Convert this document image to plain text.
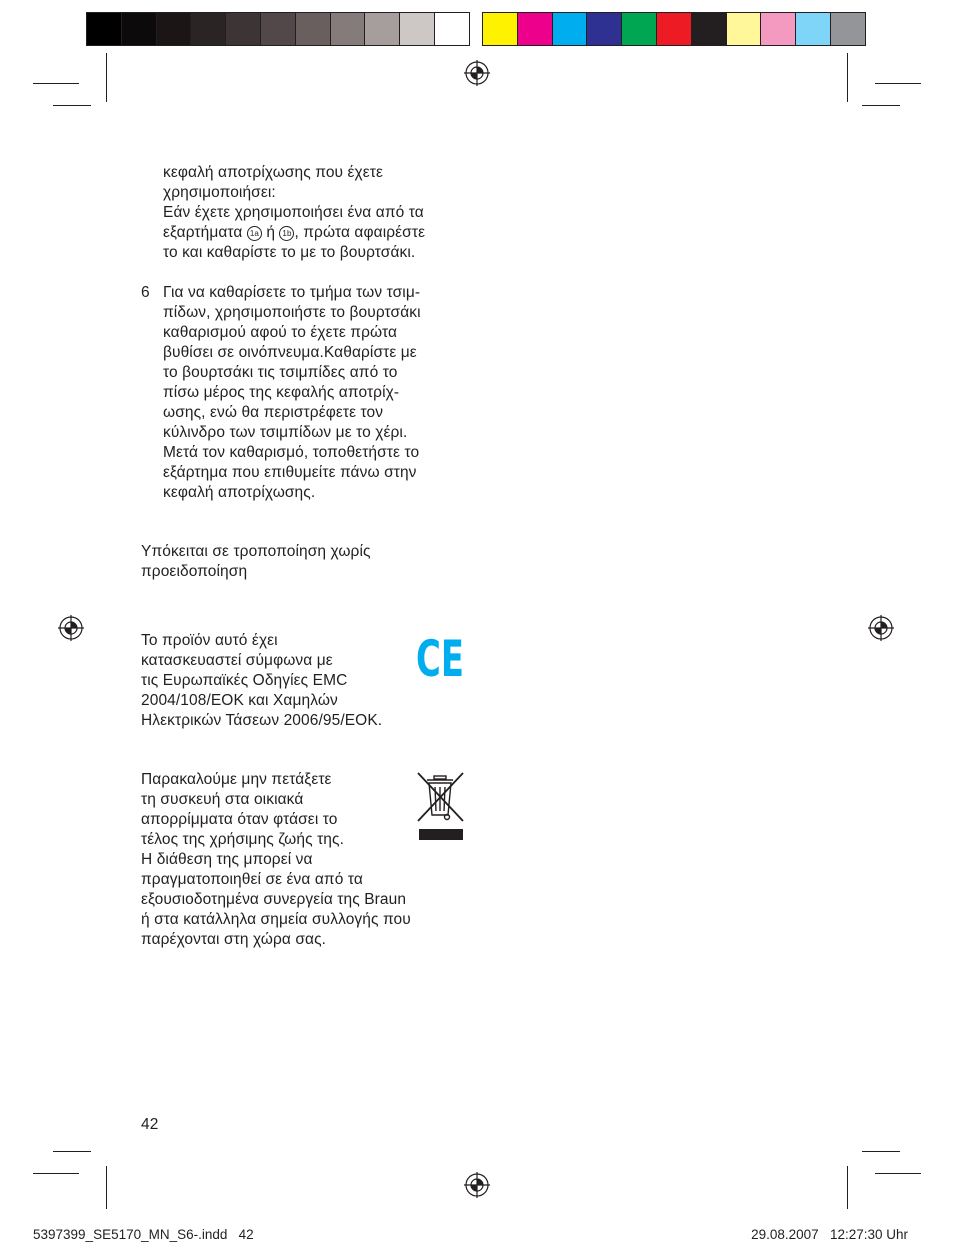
κεφαλή αποτρίχωσης που έχετε
χρησιμοποιήσει:
Εάν έχετε χρησιμοποιήσει ένα από τα
εξαρτήματα 1a ή 1b , πρώτα αφαιρέστε
το και καθαρίστε το με το βουρτσάκι.
6 Για να καθαρίσετε το τμήμα των τσιμ-
πίδων, χρησιμοποιήστε το βουρτσάκι
καθαρισμού αφού το έχετε πρώτα
βυθίσει σε οινόπνευμα.Καθαρίστε με
το βουρτσάκι τις τσιμπίδες από το
πίσω μέρος της κεφαλής αποτρίχ-
ωσης, ενώ θα περιστρέφετε τον
κύλινδρο των τσιμπίδων με το χέρι.
Μετά τον καθαρισμό, τοποθετήστε το
εξάρτημα που επιθυμείτε πάνω στην
κεφαλή αποτρίχωσης.
Υπόκειται σε τροποποίηση χωρίς
προειδοποίηση
Το προϊόν αυτό έχει
κατασκευαστεί σύμφωνα με
τις Ευρωπαϊκές Οδηγίες EMC
2004/108/EOK και Χαμηλών
Ηλεκτρικών Τάσεων 2006/95/EOK.
CE
Παρακαλούμε μην πετάξετε
τη συσκευή στα οικιακά
απορρίμματα όταν φτάσει το
τέλος της χρήσιμης ζωής της.
Η διάθεση της μπορεί να
πραγματοποιηθεί σε ένα από τα
εξουσιοδοτημένα συνεργεία της Braun
ή στα κατάλληλα σημεία συλλογής που
παρέχονται στη χώρα σας.
42
5397399_SE5170_MN_S6-.indd   42	29.08.2007   12:27:30 Uhr
